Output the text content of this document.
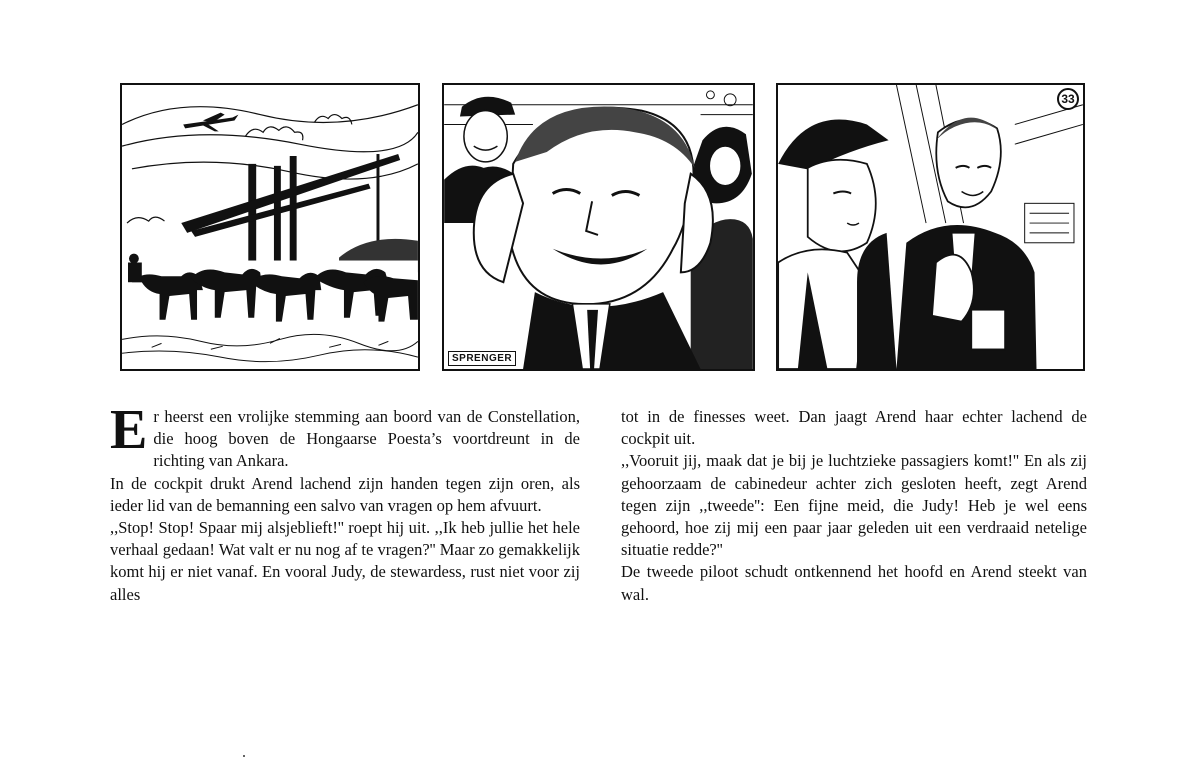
SPRENGER
33

Er heerst een vrolijke stemming aan boord van de Constellation, die hoog boven de Hongaarse Poesta’s voortdreunt in de richting van Ankara.

In de cockpit drukt Arend lachend zijn handen tegen zijn oren, als ieder lid van de bemanning een salvo van vragen op hem afvuurt.

,,Stop! Stop! Spaar mij alsjeblieft!'' roept hij uit. ,,Ik heb jullie het hele verhaal gedaan! Wat valt er nu nog af te vragen?'' Maar zo gemakkelijk komt hij er niet vanaf. En vooral Judy, de stewardess, rust niet voor zij alles

tot in de finesses weet. Dan jaagt Arend haar echter lachend de cockpit uit.

,,Vooruit jij, maak dat je bij je luchtzieke passagiers komt!'' En als zij gehoorzaam de cabinedeur achter zich gesloten heeft, zegt Arend tegen zijn ,,tweede'': Een fijne meid, die Judy! Heb je wel eens gehoord, hoe zij mij een paar jaar geleden uit een verdraaid netelige situatie redde?''

De tweede piloot schudt ontkennend het hoofd en Arend steekt van wal.
